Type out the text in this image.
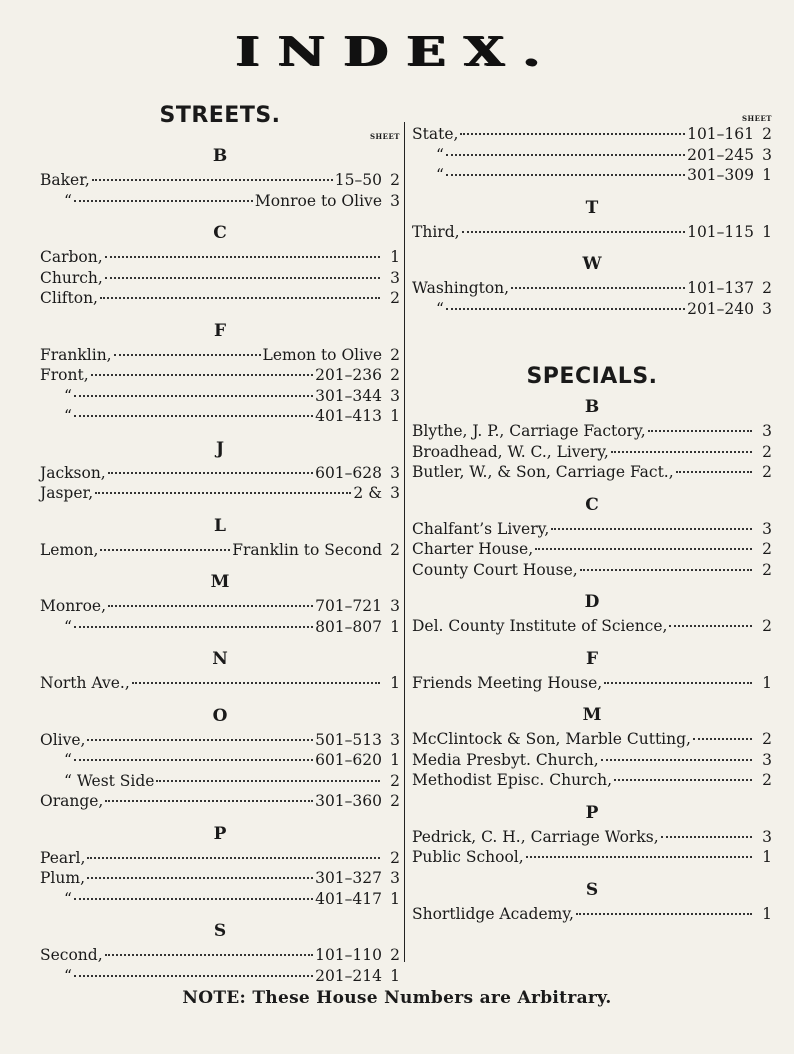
INDEX.
STREETS.
SHEET
B
Baker,	15–50 2
“	Monroe to Olive 3
C
Carbon,	1
Church,	3
Clifton,	2
F
Franklin,	Lemon to Olive 2
Front,	201–236 2
“	301–344 3
“	401–413 1
J
Jackson,	601–628 3
Jasper,	2 & 3
L
Lemon,	Franklin to Second 2
M
Monroe,	701–721 3
“	801–807 1
N
North Ave.,	1
O
Olive,	501–513 3
“	601–620 1
“ West Side	2
Orange,	301–360 2
P
Pearl,	2
Plum,	301–327 3
“	401–417 1
S
Second,	101–110 2
“	201–214 1
SHEET
State,	101–161 2
“	201–245 3
“	301–309 1
T
Third,	101–115 1
W
Washington,	101–137 2
“	201–240 3
SPECIALS.
B
Blythe, J. P., Carriage Factory,	3
Broadhead, W. C., Livery,	2
Butler, W., & Son, Carriage Fact.,	2
C
Chalfant’s Livery,	3
Charter House,	2
County Court House,	2
D
Del. County Institute of Science,	2
F
Friends Meeting House,	1
M
McClintock & Son, Marble Cutting,	2
Media Presbyt. Church,	3
Methodist Episc. Church,	2
P
Pedrick, C. H., Carriage Works,	3
Public School,	1
S
Shortlidge Academy,	1
NOTE: These House Numbers are Arbitrary.
